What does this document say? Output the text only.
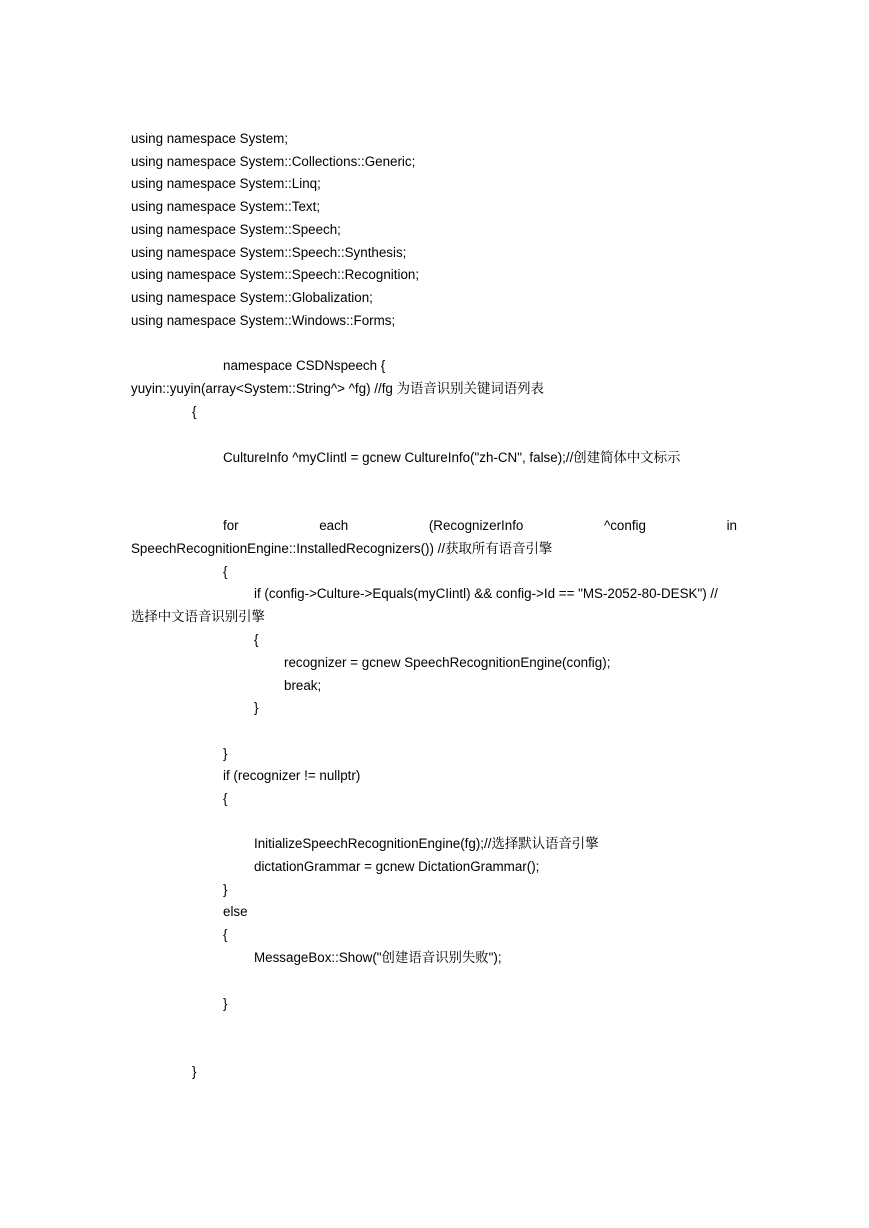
using namespace System;
using namespace System::Collections::Generic;
using namespace System::Linq;
using namespace System::Text;
using namespace System::Speech;
using namespace System::Speech::Synthesis;
using namespace System::Speech::Recognition;
using namespace System::Globalization;
using namespace System::Windows::Forms;
namespace CSDNspeech {
yuyin::yuyin(array<System::String^> ^fg) //fg 为语音识别关键词语列表
{
CultureInfo ^myCIintl = gcnew CultureInfo("zh-CN", false);//创建简体中文标示
for	each	(RecognizerInfo	^config	in
SpeechRecognitionEngine::InstalledRecognizers()) //获取所有语音引擎
{
if (config->Culture->Equals(myCIintl) && config->Id == "MS-2052-80-DESK") //
选择中文语音识别引擎
{
recognizer = gcnew SpeechRecognitionEngine(config);
break;
}
}
if (recognizer != nullptr)
{
InitializeSpeechRecognitionEngine(fg);//选择默认语音引擎
dictationGrammar = gcnew DictationGrammar();
}
else
{
MessageBox::Show("创建语音识别失败");
}
}
